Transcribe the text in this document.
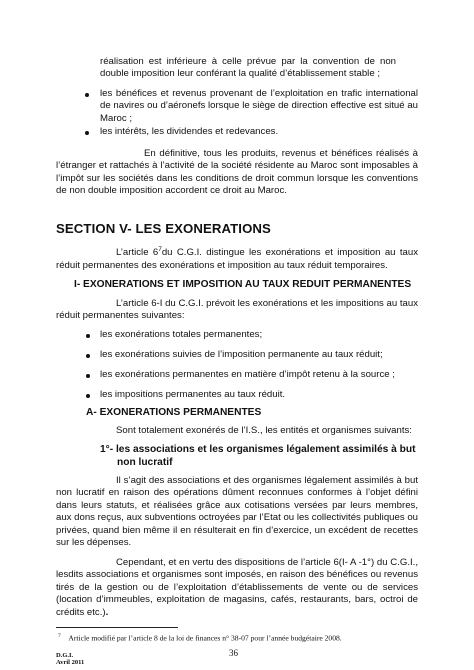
réalisation est inférieure à celle prévue par la convention de non double imposition leur conférant la qualité d’établissement stable ;

les bénéfices et revenus provenant de l’exploitation en trafic international de navires ou d’aéronefs lorsque le siège de direction effective est situé au Maroc ;

les intérêts, les dividendes et redevances.

En définitive, tous les produits, revenus et bénéfices réalisés à l’étranger et rattachés à l’activité de la société résidente au Maroc sont imposables à l’impôt sur les sociétés dans les conditions de droit commun lorsque les conventions de non double imposition accordent ce droit au Maroc.

SECTION V- LES EXONERATIONS

L’article $6^7du$ C.G.I. distingue les exonérations et imposition au taux réduit permanentes des exonérations et imposition au taux réduit temporaires.

I- EXONERATIONS ET IMPOSITION AU TAUX REDUIT PERMANENTES

L’article 6-I du C.G.I. prévoit les exonérations et les impositions au taux réduit permanentes suivantes:

les exonérations totales permanentes;

les exonérations suivies de l’imposition permanente au taux réduit;

les exonérations permanentes en matière d’impôt retenu à la source ;

les impositions permanentes au taux réduit.

A- EXONERATIONS PERMANENTES

Sont totalement exonérés de l’I.S., les entités et organismes suivants:

1°- les associations et les organismes légalement assimilés à but

non lucratif

Il s’agit des associations et des organismes légalement assimilés à but non lucratif en raison des opérations dûment reconnues conformes à l’objet défini dans leurs statuts, et réalisées grâce aux cotisations versées par leurs membres, aux dons reçus, aux subventions octroyées par l’Etat ou les collectivités publiques ou privées, quand bien même il en résulterait en fin d’exercice, un excédent de recettes sur les dépenses.

Cependant, et en vertu des dispositions de l’article 6(I- A -1°) du C.G.I., lesdits associations et organismes sont imposés, en raison des bénéfices ou revenus tirés de la gestion ou de l’exploitation d’établissements de vente ou de services (location d’immeubles, exploitation de magasins, cafés, restaurants, bars, octroi de crédits etc.).

$^7$ Article modifié par l’article 8 de la loi de finances n° 38-07 pour l’année budgétaire 2008.

D.G.I.

Avril 2011

36
